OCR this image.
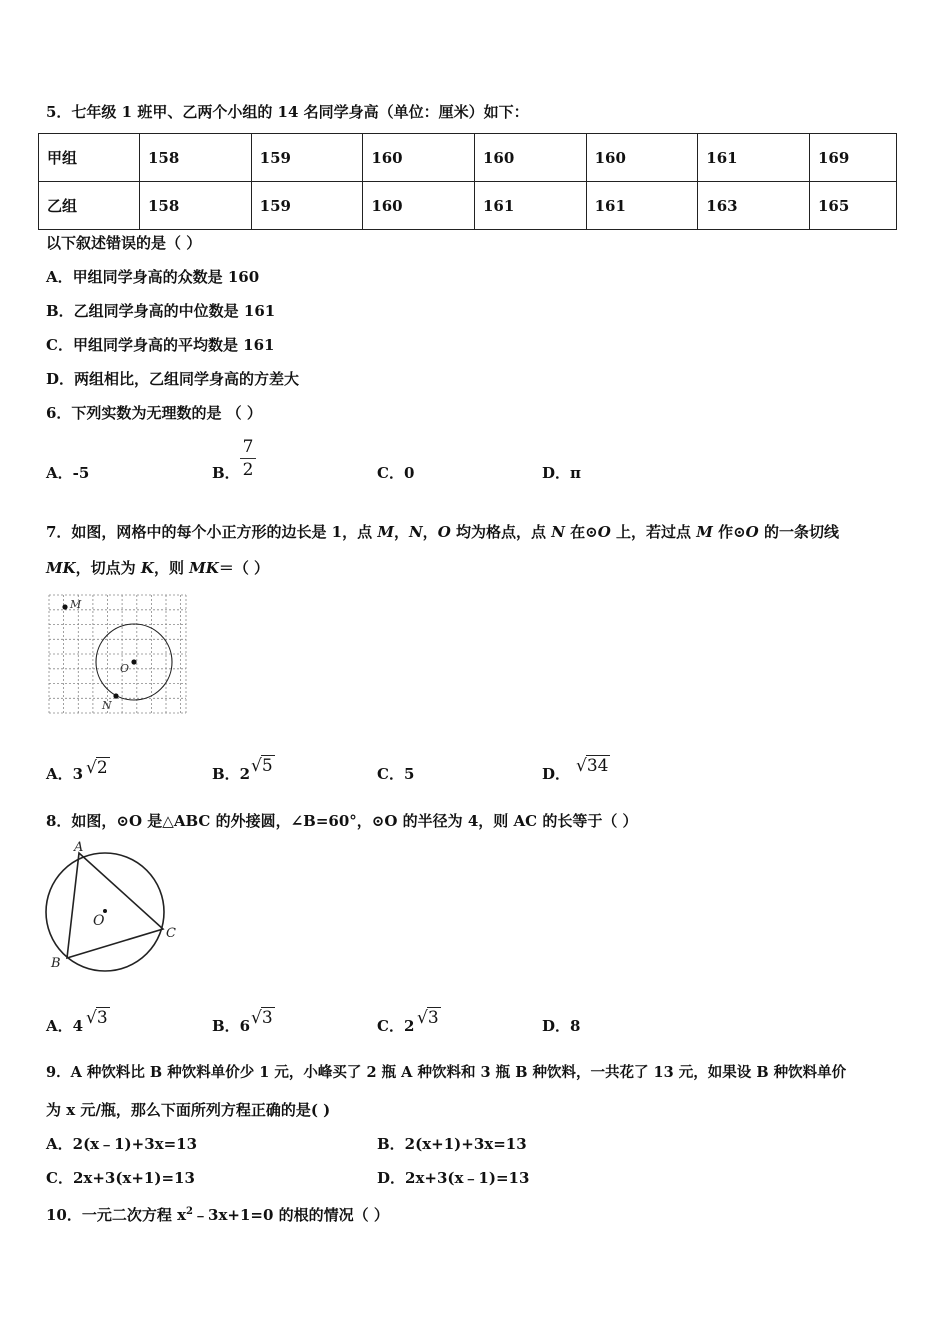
5．七年级 1 班甲、乙两个小组的 14 名同学身高（单位：厘米）如下：
甲组	158	159	160	160	160	161	169
乙组	158	159	160	161	161	163	165
以下叙述错误的是（ ）
A．甲组同学身高的众数是 160
B．乙组同学身高的中位数是 161
C．甲组同学身高的平均数是 161
D．两组相比，乙组同学身高的方差大
6．下列实数为无理数的是 （ ）
A．-5	B．
7
2	C．0	D．π
7．如图，网格中的每个小正方形的边长是 1，点 M，N，O 均为格点，点 N 在⊙O 上，若过点 M 作⊙O 的一条切线
MK，切点为 K，则 MK＝（ ）
M
O
N
A．3 √2	B．2 √5	C．5	D． √34
8．如图，⊙O 是△ABC 的外接圆，∠B=60°，⊙O 的半径为 4，则 AC 的长等于（ ）
A
B
C
O
A．4 √3	B．6 √3	C．2 √3	D．8
9．A 种饮料比 B 种饮料单价少 1 元，小峰买了 2 瓶 A 种饮料和 3 瓶 B 种饮料，一共花了 13 元，如果设 B 种饮料单价
为 x 元/瓶，那么下面所列方程正确的是( )
A．2(x﹣1)+3x=13	B．2(x+1)+3x=13
C．2x+3(x+1)=13	D．2x+3(x﹣1)=13
10．一元二次方程 $x^2﹣3x+1=0$ 的根的情况（ ）
